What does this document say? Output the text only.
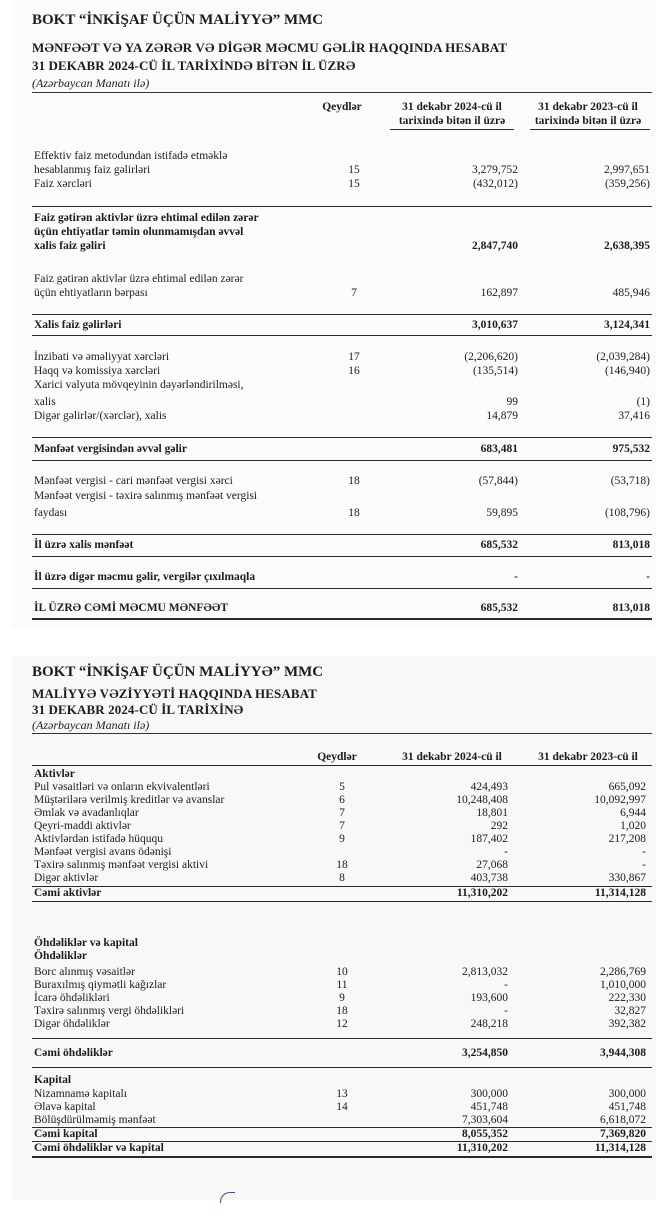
BOKT “İNKİŞAF ÜÇÜN MALİYYƏ” MMC
MƏNFƏƏT VƏ YA ZƏRƏR VƏ DİGƏR MƏCMU GƏLİR HAQQINDA HESABAT
31 DEKABR 2024-CÜ İL TARİXİNDƏ BİTƏN İL ÜZRƏ
(Azərbaycan Manatı ilə)
Qeydlər	31 dekabr 2024-cü il
tarixində bitən il üzrə
31 dekabr 2023-cü il
tarixində bitən il üzrə
Effektiv faiz metodundan istifadə etməklə
hesablanmış faiz gəlirləri	15	3,279,752	2,997,651
Faiz xərcləri	15	(432,012)	(359,256)
Faiz gətirən aktivlər üzrə ehtimal edilən zərər
üçün ehtiyatlar təmin olunmamışdan əvvəl
xalis faiz gəliri	2,847,740	2,638,395
Faiz gətirən aktivlər üzrə ehtimal edilən zərər
üçün ehtiyatların bərpası	7	162,897	485,946
Xalis faiz gəlirləri	3,010,637	3,124,341
İnzibati və əməliyyat xərcləri	17	(2,206,620)	(2,039,284)
Haqq və komissiya xərcləri	16	(135,514)	(146,940)
Xarici valyuta mövqeyinin dəyərləndirilməsi,
xalis	99	(1)
Digər gəlirlər/(xərclər), xalis	14,879	37,416
Mənfəət vergisindən əvvəl gəlir	683,481	975,532
Mənfəət vergisi - cari mənfəət vergisi xərci	18	(57,844)	(53,718)
Mənfəət vergisi - təxirə salınmış mənfəət vergisi
faydası	18	59,895	(108,796)
İl üzrə xalis mənfəət	685,532	813,018
İl üzrə digər məcmu gəlir, vergilər çıxılmaqla	-	-
İL ÜZRƏ CƏMİ MƏCMU MƏNFƏƏT	685,532	813,018
BOKT “İNKİŞAF ÜÇÜN MALİYYƏ” MMC
MALİYYƏ VƏZİYYƏTİ HAQQINDA HESABAT
31 DEKABR 2024-CÜ İL TARİXİNƏ
(Azərbaycan Manatı ilə)
Qeydlər	31 dekabr 2024-cü il	31 dekabr 2023-cü il
Aktivlər
Pul vəsaitləri və onların ekvivalentləri	5	424,493	665,092
Müştərilərə verilmiş kreditlər və avanslar	6	10,248,408	10,092,997
Əmlak və avadanlıqlar	7	18,801	6,944
Qeyri-maddi aktivlər	7	292	1,020
Aktivlərdən istifadə hüququ	9	187,402	217,208
Mənfəət vergisi avans ödənişi	-	-
Təxirə salınmış mənfəət vergisi aktivi	18	27,068	-
Digər aktivlər	8	403,738	330,867
Cəmi aktivlər	11,310,202	11,314,128
Öhdəliklər və kapital
Öhdəliklər
Borc alınmış vəsaitlər	10	2,813,032	2,286,769
Buraxılmış qiymətli kağızlar	11	-	1,010,000
İcarə öhdəlikləri	9	193,600	222,330
Təxirə salınmış vergi öhdəlikləri	18	-	32,827
Digər öhdəliklər	12	248,218	392,382
Cəmi öhdəliklər	3,254,850	3,944,308
Kapital
Nizamnamə kapitalı	13	300,000	300,000
Əlavə kapital	14	451,748	451,748
Bölüşdürülməmiş mənfəət	7,303,604	6,618,072
Cəmi kapital	8,055,352	7,369,820
Cəmi öhdəliklər və kapital	11,310,202	11,314,128
